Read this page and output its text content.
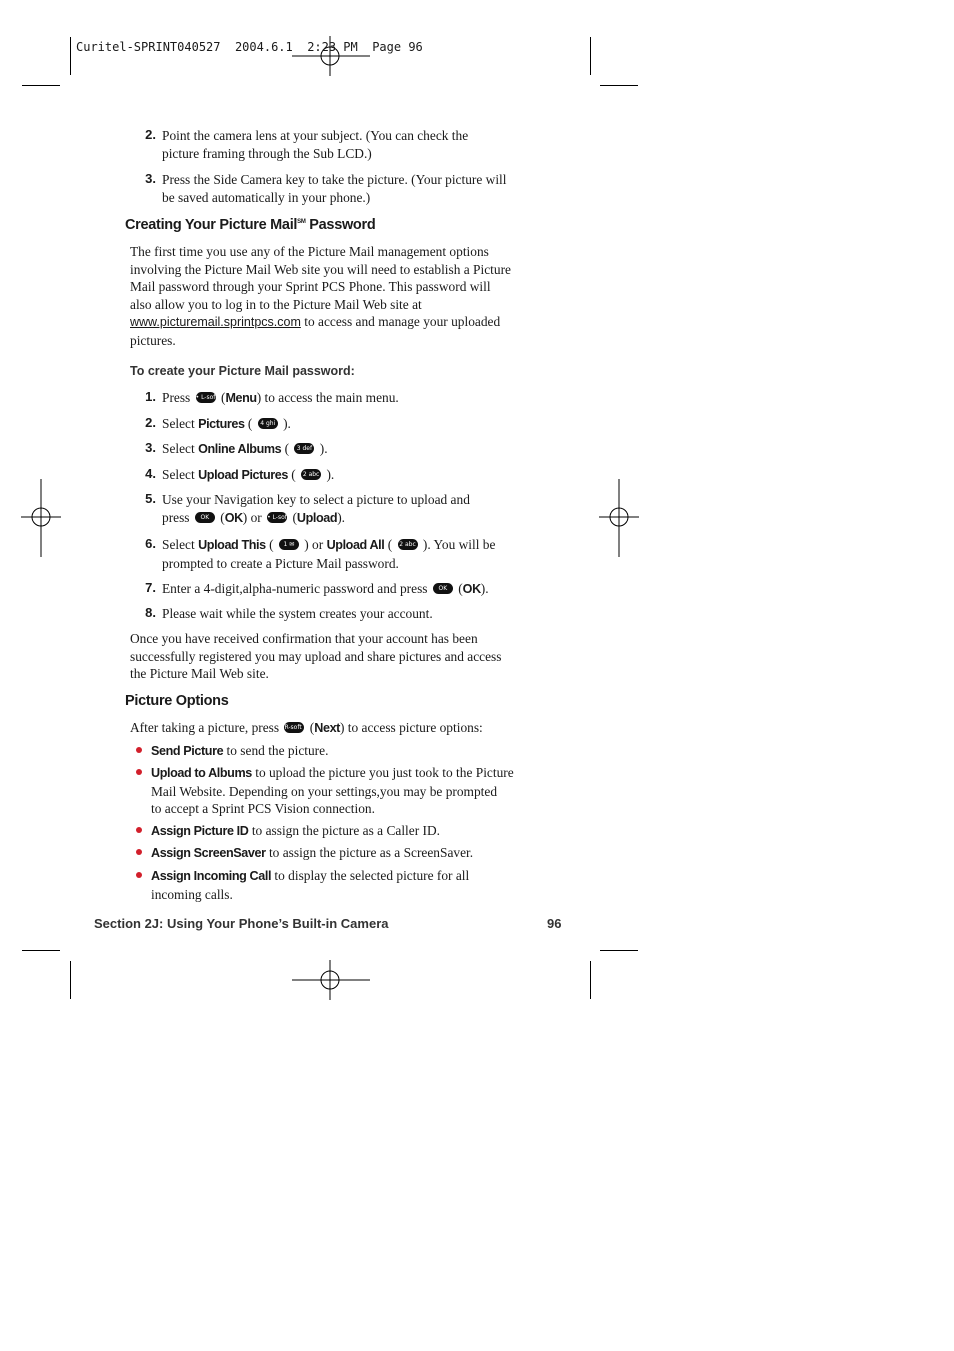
Curitel-SPRINT040527  2004.6.1  2:23 PM  Page 96
2. Point the camera lens at your subject. (You can check the
picture framing through the Sub LCD.)
3. Press the Side Camera key to take the picture. (Your picture will
be saved automatically in your phone.)
Creating Your Picture Mail℠ Password
The first time you use any of the Picture Mail management options
involving the Picture Mail Web site you will need to establish a Picture
Mail password through your Sprint PCS Phone. This password will
also allow you to log in to the Picture Mail Web site at
www.picturemail.sprintpcs.com to access and manage your uploaded
pictures.
To create your Picture Mail password:
1. Press • L-soft (Menu) to access the main menu.
2. Select Pictures ( 4 ghi ).
3. Select Online Albums ( 3 def ).
4. Select Upload Pictures ( 2 abc ).
5. Use your Navigation key to select a picture to upload and
press OK (OK) or • L-soft (Upload).
6. Select Upload This ( 1 ✉ ) or Upload All ( 2 abc ). You will be
prompted to create a Picture Mail password.
7. Enter a 4-digit,alpha-numeric password and press OK (OK).
8. Please wait while the system creates your account.
Once you have received confirmation that your account has been
successfully registered you may upload and share pictures and access
the Picture Mail Web site.
Picture Options
After taking a picture, press R-soft • (Next) to access picture options:
Send Picture to send the picture.
Upload to Albums to upload the picture you just took to the Picture
Mail Website. Depending on your settings,you may be prompted
to accept a Sprint PCS Vision connection.
Assign Picture ID to assign the picture as a Caller ID.
Assign ScreenSaver to assign the picture as a ScreenSaver.
Assign Incoming Call to display the selected picture for all
incoming calls.
Section 2J: Using Your Phone’s Built-in Camera	96
